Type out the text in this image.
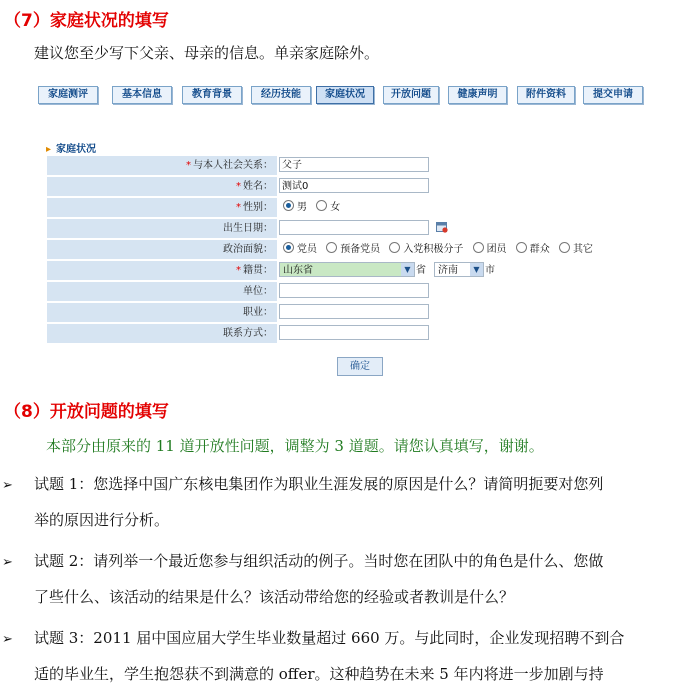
（7）家庭状况的填写
建议您至少写下父亲、母亲的信息。单亲家庭除外。
家庭测评	基本信息	教育背景	经历技能	家庭状况	开放问题	健康声明	附件资料	提交申请
▸ 家庭状况
* 与本人社会关系： 父子
* 姓名： 测试0
* 性别：	男 女
出生日期：
政治面貌：	党员 预备党员 入党积极分子 团员 群众 其它
* 籍贯：	山东省	▼ 省	济南	▼ 市
单位：
职业：
联系方式：
确定
（8）开放问题的填写
本部分由原来的 11 道开放性问题，调整为 3 道题。请您认真填写，谢谢。
➢ 试题 1：您选择中国广东核电集团作为职业生涯发展的原因是什么？请简明扼要对您列
举的原因进行分析。
➢ 试题 2：请列举一个最近您参与组织活动的例子。当时您在团队中的角色是什么、您做
了些什么、该活动的结果是什么？该活动带给您的经验或者教训是什么？
➢ 试题 3：2011 届中国应届大学生毕业数量超过 660 万。与此同时，企业发现招聘不到合
适的毕业生，学生抱怨获不到满意的 offer。这种趋势在未来 5 年内将进一步加剧与持
